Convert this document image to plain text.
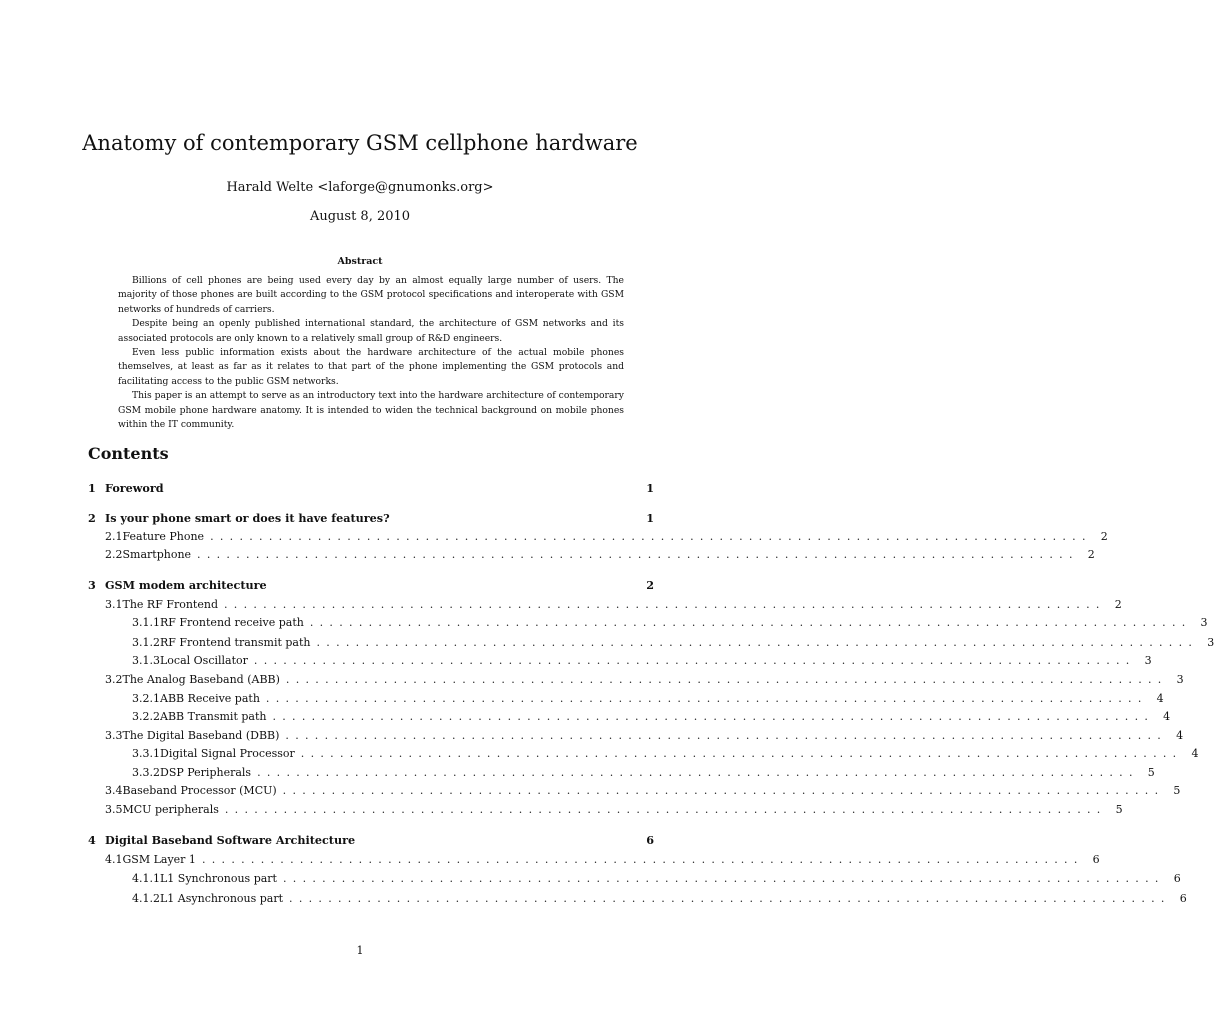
Anatomy of contemporary GSM cellphone hardware
Harald Welte <laforge@gnumonks.org>
August 8, 2010
Abstract

Billions of cell phones are being used every day by an almost equally large number of users. The majority of those phones are built according to the GSM protocol specifications and interoperate with GSM networks of hundreds of carriers.

Despite being an openly published international standard, the architecture of GSM networks and its associated protocols are only known to a relatively small group of R&D engineers.

Even less public information exists about the hardware architecture of the actual mobile phones themselves, at least as far as it relates to that part of the phone implementing the GSM protocols and facilitating access to the public GSM networks.

This paper is an attempt to serve as an introductory text into the hardware architecture of contemporary GSM mobile phone hardware anatomy. It is intended to widen the technical background on mobile phones within the IT community.

Contents
1 Foreword	1
2 Is your phone smart or does it have features?	1
2.1 Feature Phone .......................................................................................... 2
2.2 Smartphone .......................................................................................... 2
3 GSM modem architecture	2
3.1 The RF Frontend .......................................................................................... 2
3.1.1 RF Frontend receive path .......................................................................................... 3
3.1.2 RF Frontend transmit path .......................................................................................... 3
3.1.3 Local Oscillator .......................................................................................... 3
3.2 The Analog Baseband (ABB) .......................................................................................... 3
3.2.1 ABB Receive path .......................................................................................... 4
3.2.2 ABB Transmit path .......................................................................................... 4
3.3 The Digital Baseband (DBB) .......................................................................................... 4
3.3.1 Digital Signal Processor .......................................................................................... 4
3.3.2 DSP Peripherals .......................................................................................... 5
3.4 Baseband Processor (MCU) .......................................................................................... 5
3.5 MCU peripherals .......................................................................................... 5
4 Digital Baseband Software Architecture	6
4.1 GSM Layer 1 .......................................................................................... 6
4.1.1 L1 Synchronous part .......................................................................................... 6
4.1.2 L1 Asynchronous part .......................................................................................... 6
1
